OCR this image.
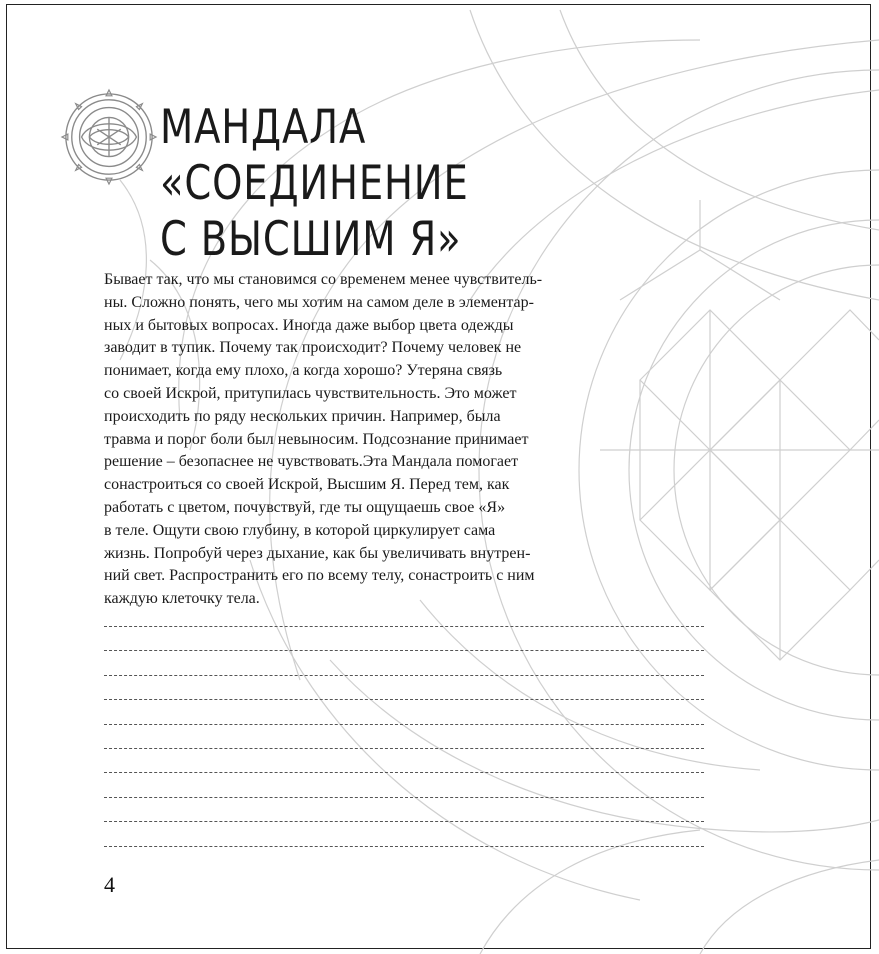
МАНДАЛА
«СОЕДИНЕНИЕ
С ВЫСШИМ Я»

Бывает так, что мы становимся со временем менее чувствитель-
ны. Сложно понять, чего мы хотим на самом деле в элементар-
ных и бытовых вопросах. Иногда даже выбор цвета одежды
заводит в тупик. Почему так происходит? Почему человек не
понимает, когда ему плохо, а когда хорошо? Утеряна связь
со своей Искрой, притупилась чувствительность. Это может
происходить по ряду нескольких причин. Например, была
травма и порог боли был невыносим. Подсознание принимает
решение – безопаснее не чувствовать.Эта Мандала помогает
сонастроиться со своей Искрой, Высшим Я. Перед тем, как
работать с цветом, почувствуй, где ты ощущаешь свое «Я»
в теле. Ощути свою глубину, в которой циркулирует сама
жизнь. Попробуй через дыхание, как бы увеличивать внутрен-
ний свет. Распространить его по всему телу, сонастроить с ним
каждую клеточку тела.

4
